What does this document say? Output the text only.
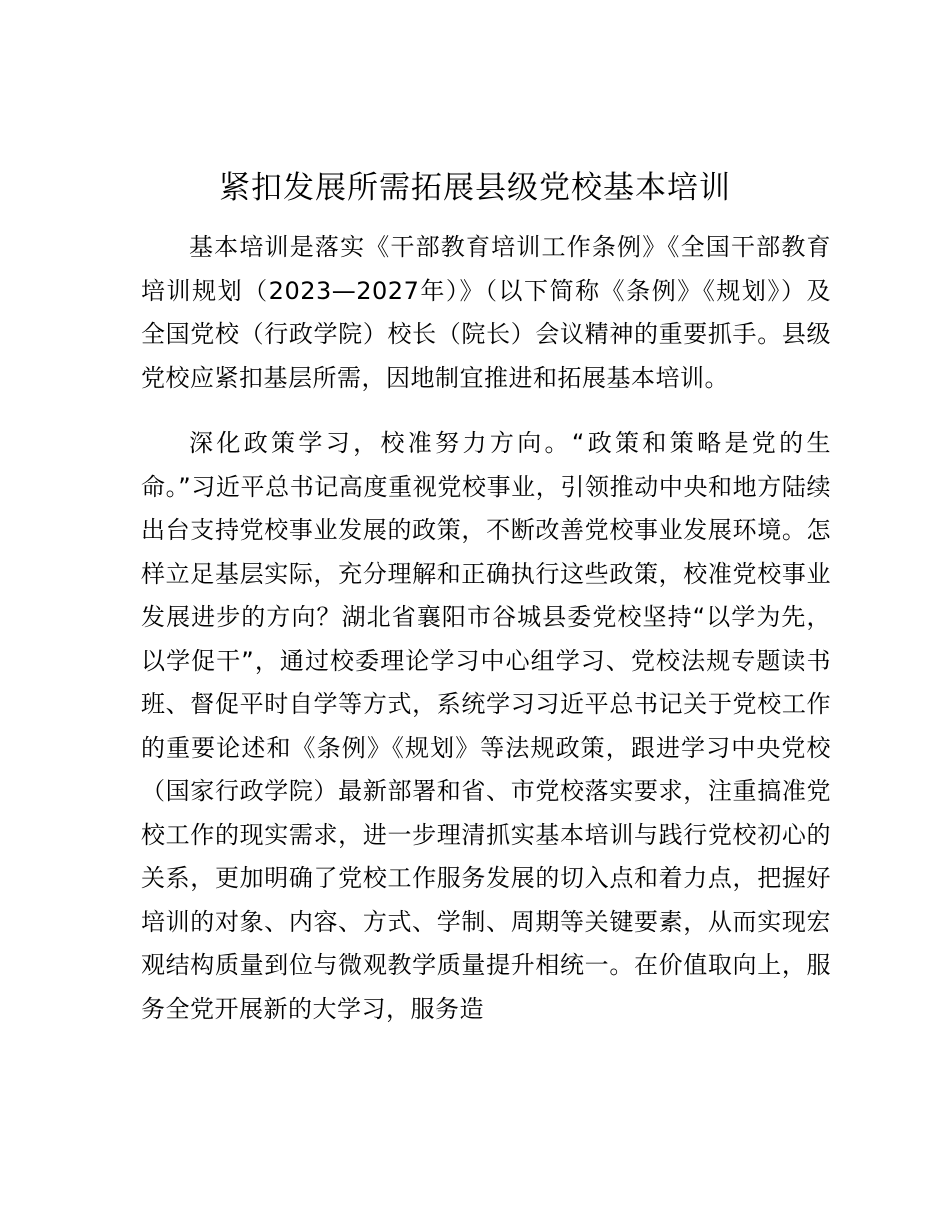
紧扣发展所需拓展县级党校基本培训

基本培训是落实《干部教育培训工作条例》《全国干部教育培训规划（2023—2027年）》（以下简称《条例》《规划》）及全国党校（行政学院）校长（院长）会议精神的重要抓手。县级党校应紧扣基层所需，因地制宜推进和拓展基本培训。

深化政策学习，校准努力方向。“政策和策略是党的生命。”习近平总书记高度重视党校事业，引领推动中央和地方陆续出台支持党校事业发展的政策，不断改善党校事业发展环境。怎样立足基层实际，充分理解和正确执行这些政策，校准党校事业发展进步的方向？湖北省襄阳市谷城县委党校坚持“以学为先，以学促干”，通过校委理论学习中心组学习、党校法规专题读书班、督促平时自学等方式，系统学习习近平总书记关于党校工作的重要论述和《条例》《规划》等法规政策，跟进学习中央党校（国家行政学院）最新部署和省、市党校落实要求，注重搞准党校工作的现实需求，进一步理清抓实基本培训与践行党校初心的关系，更加明确了党校工作服务发展的切入点和着力点，把握好培训的对象、内容、方式、学制、周期等关键要素，从而实现宏观结构质量到位与微观教学质量提升相统一。在价值取向上，服务全党开展新的大学习，服务造
